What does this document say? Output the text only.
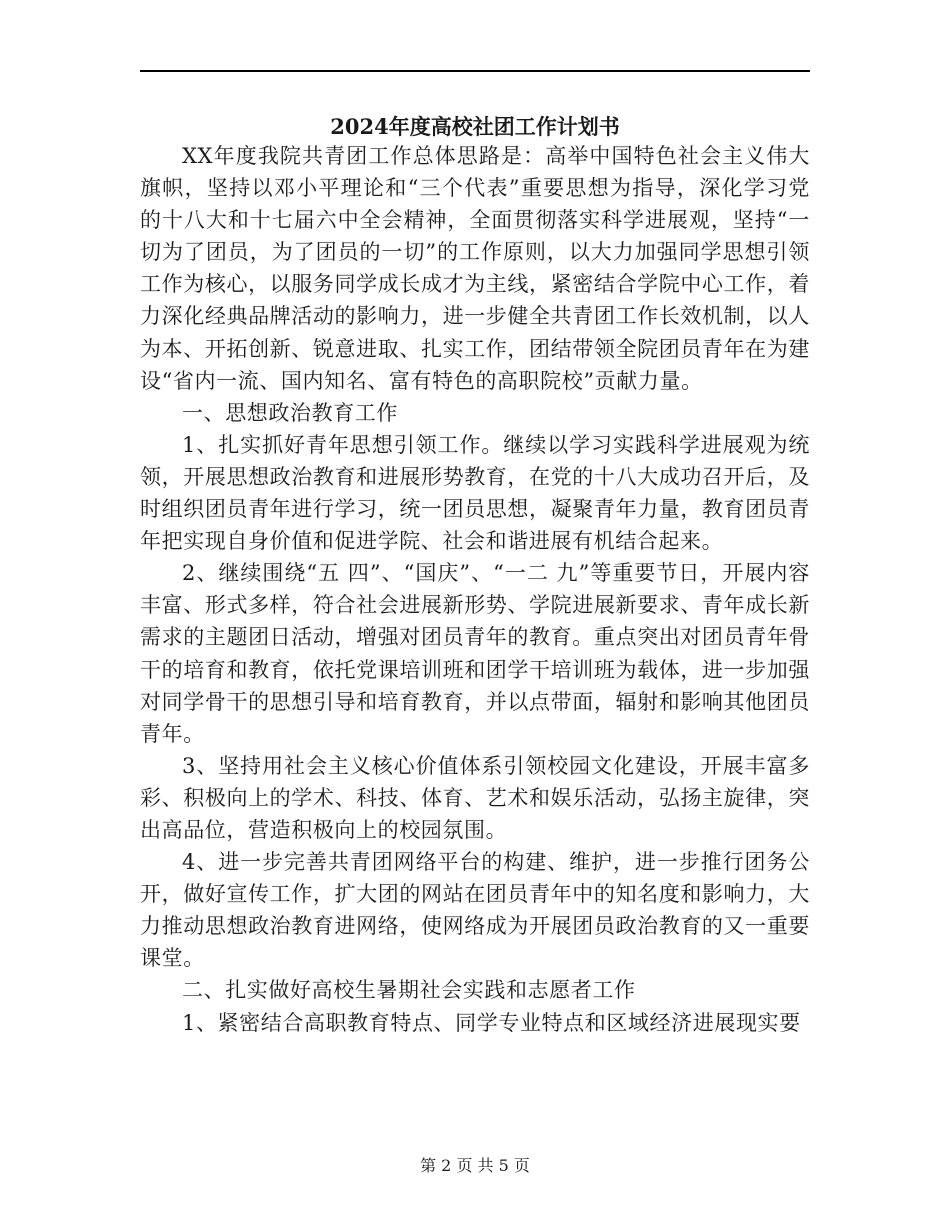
2024年度高校社团工作计划书

XX年度我院共青团工作总体思路是：高举中国特色社会主义伟大旗帜，坚持以邓小平理论和“三个代表”重要思想为指导，深化学习党的十八大和十七届六中全会精神，全面贯彻落实科学进展观，坚持“一切为了团员，为了团员的一切”的工作原则，以大力加强同学思想引领工作为核心，以服务同学成长成才为主线，紧密结合学院中心工作，着力深化经典品牌活动的影响力，进一步健全共青团工作长效机制，以人为本、开拓创新、锐意进取、扎实工作，团结带领全院团员青年在为建设“省内一流、国内知名、富有特色的高职院校”贡献力量。

一、思想政治教育工作

1、扎实抓好青年思想引领工作。继续以学习实践科学进展观为统领，开展思想政治教育和进展形势教育，在党的十八大成功召开后，及时组织团员青年进行学习，统一团员思想，凝聚青年力量，教育团员青年把实现自身价值和促进学院、社会和谐进展有机结合起来。

2、继续围绕“五 四”、“国庆”、“一二 九”等重要节日，开展内容丰富、形式多样，符合社会进展新形势、学院进展新要求、青年成长新需求的主题团日活动，增强对团员青年的教育。重点突出对团员青年骨干的培育和教育，依托党课培训班和团学干培训班为载体，进一步加强对同学骨干的思想引导和培育教育，并以点带面，辐射和影响其他团员青年。

3、坚持用社会主义核心价值体系引领校园文化建设，开展丰富多彩、积极向上的学术、科技、体育、艺术和娱乐活动，弘扬主旋律，突出高品位，营造积极向上的校园氛围。

4、进一步完善共青团网络平台的构建、维护，进一步推行团务公开，做好宣传工作，扩大团的网站在团员青年中的知名度和影响力，大力推动思想政治教育进网络，使网络成为开展团员政治教育的又一重要课堂。

二、扎实做好高校生暑期社会实践和志愿者工作

1、紧密结合高职教育特点、同学专业特点和区域经济进展现实要

第 2 页 共 5 页
